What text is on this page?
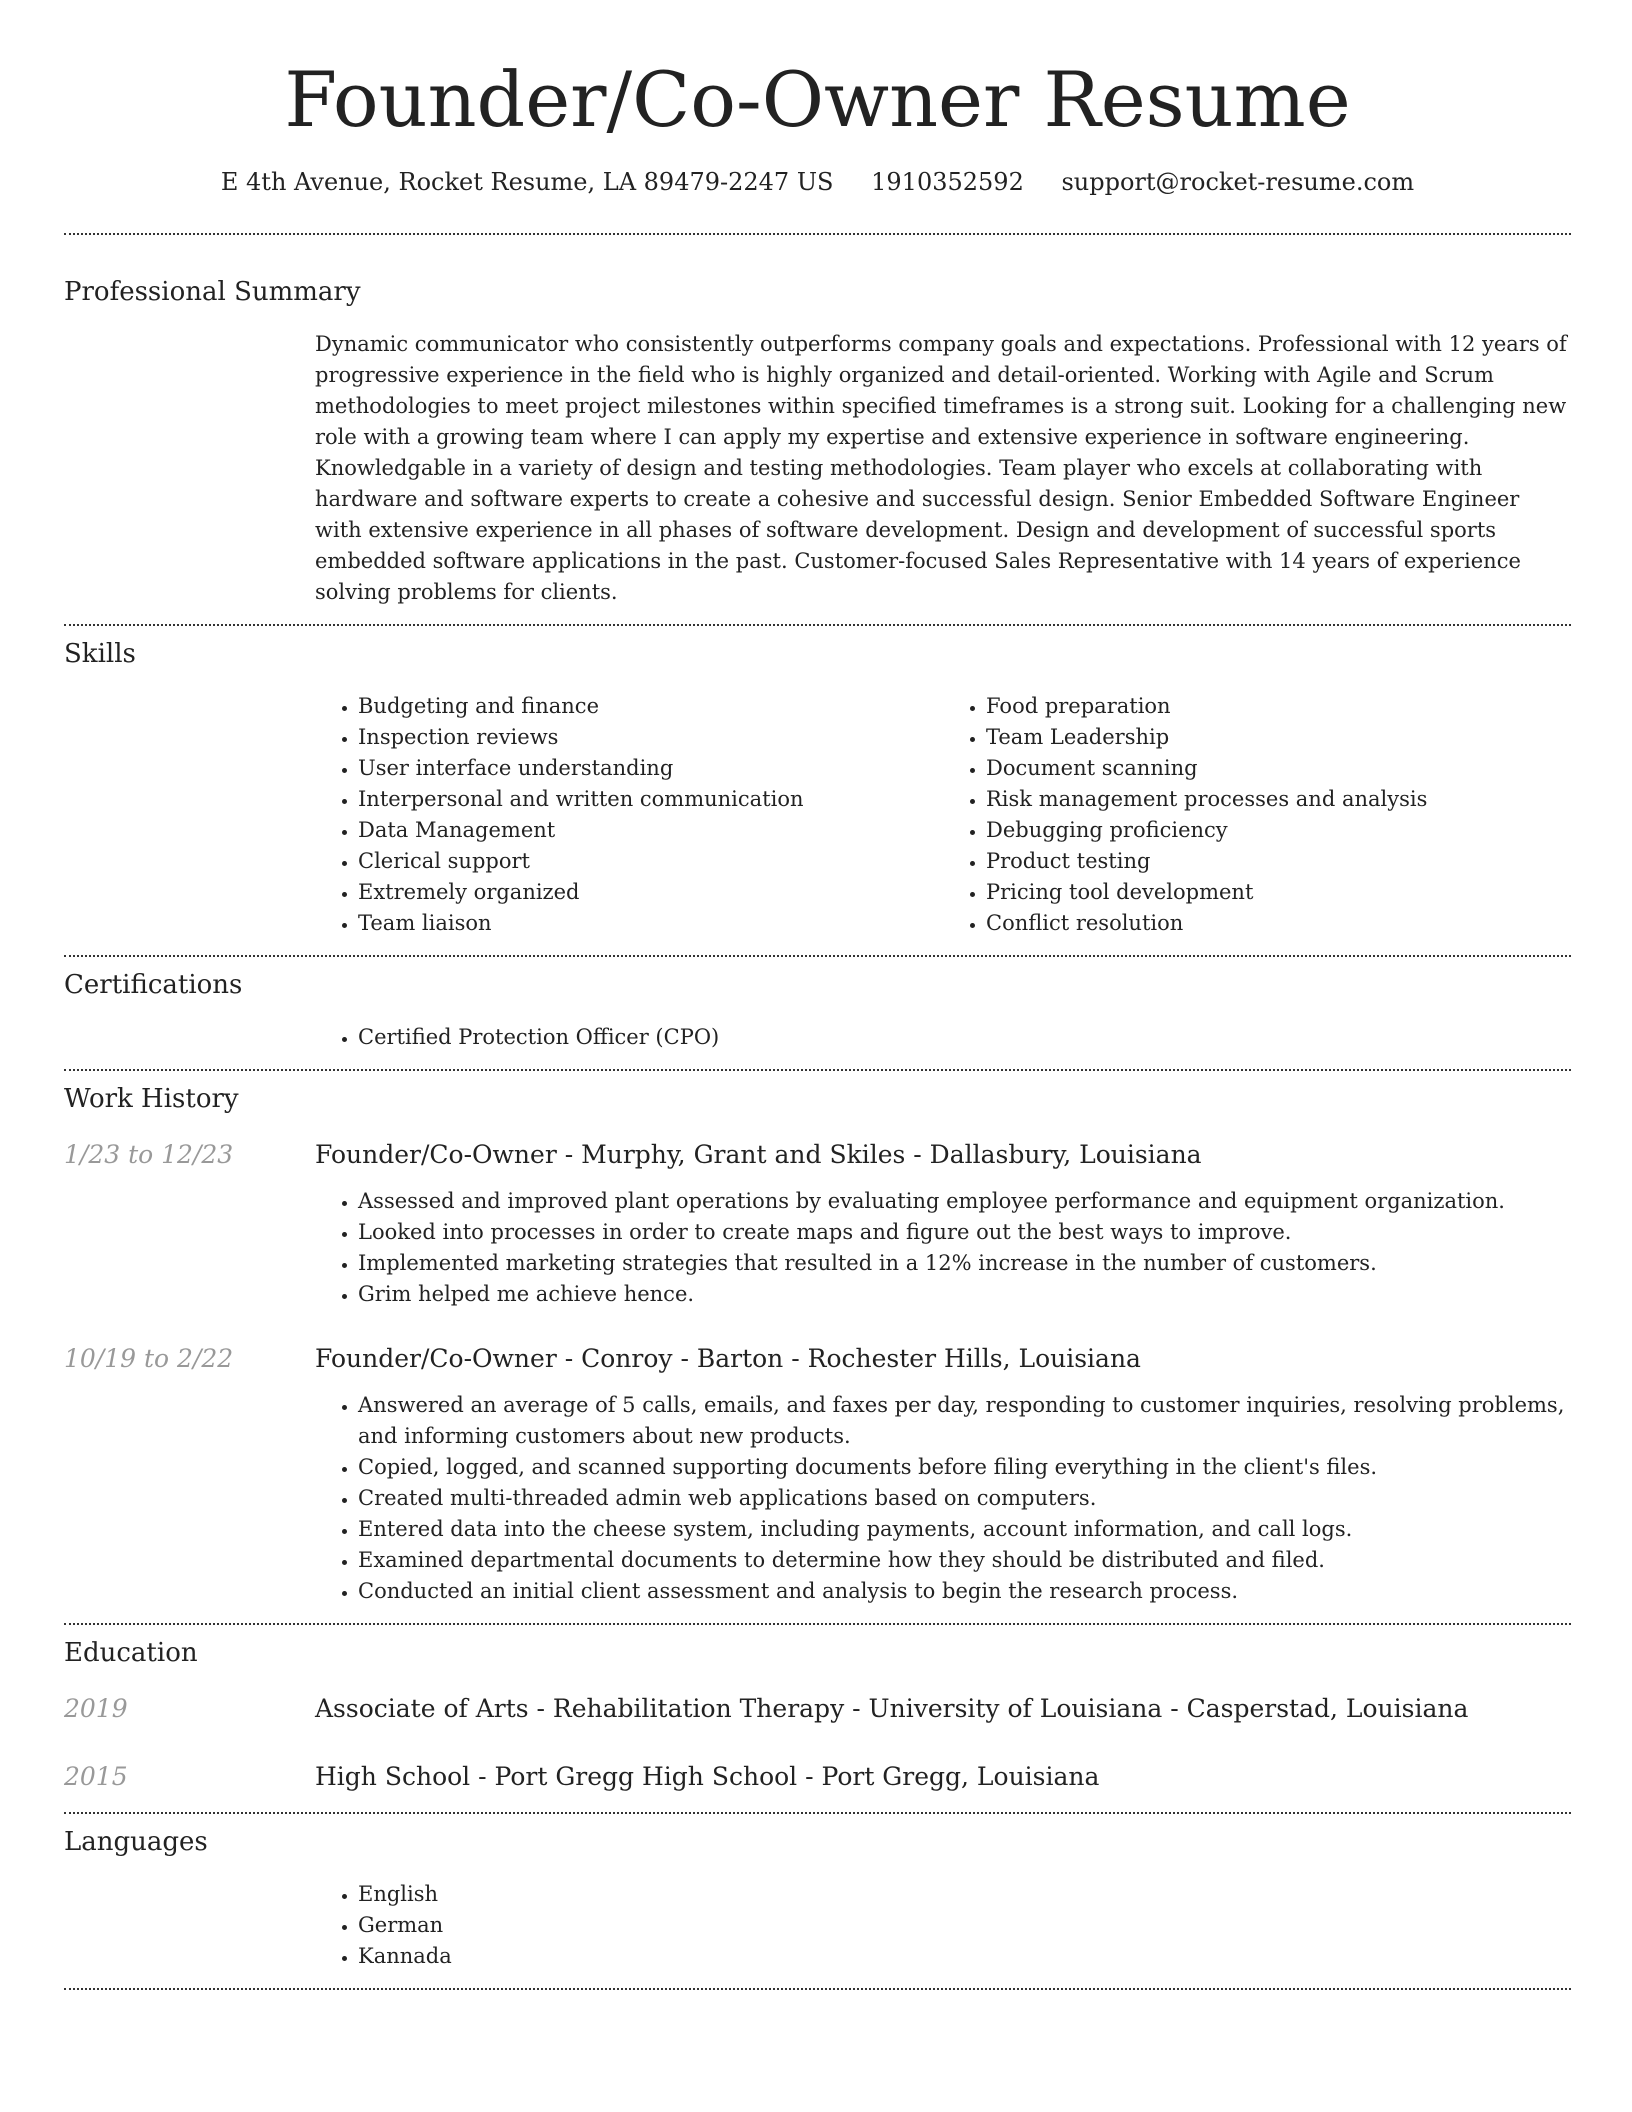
Founder/Co-Owner Resume
E 4th Avenue, Rocket Resume, LA 89479-2247 US 1910352592 support@rocket-resume.com
Professional Summary

Dynamic communicator who consistently outperforms company goals and expectations. Professional with 12 years of progressive experience in the field who is highly organized and detail-oriented. Working with Agile and Scrum methodologies to meet project milestones within specified timeframes is a strong suit. Looking for a challenging new role with a growing team where I can apply my expertise and extensive experience in software engineering. Knowledgable in a variety of design and testing methodologies. Team player who excels at collaborating with hardware and software experts to create a cohesive and successful design. Senior Embedded Software Engineer with extensive experience in all phases of software development. Design and development of successful sports embedded software applications in the past. Customer-focused Sales Representative with 14 years of experience solving problems for clients.

Skills
• Budgeting and finance
• Inspection reviews
• User interface understanding
• Interpersonal and written communication
• Data Management
• Clerical support
• Extremely organized
• Team liaison
• Food preparation
• Team Leadership
• Document scanning
• Risk management processes and analysis
• Debugging proficiency
• Product testing
• Pricing tool development
• Conflict resolution
Certifications
• Certified Protection Officer (CPO)
Work History
1/23 to 12/23	Founder/Co-Owner - Murphy, Grant and Skiles - Dallasbury, Louisiana
• Assessed and improved plant operations by evaluating employee performance and equipment organization.
• Looked into processes in order to create maps and figure out the best ways to improve.
• Implemented marketing strategies that resulted in a 12% increase in the number of customers.
• Grim helped me achieve hence.
10/19 to 2/22	Founder/Co-Owner - Conroy - Barton - Rochester Hills, Louisiana
• Answered an average of 5 calls, emails, and faxes per day, responding to customer inquiries, resolving problems, and informing customers about new products.
• Copied, logged, and scanned supporting documents before filing everything in the client's files.
• Created multi-threaded admin web applications based on computers.
• Entered data into the cheese system, including payments, account information, and call logs.
• Examined departmental documents to determine how they should be distributed and filed.
• Conducted an initial client assessment and analysis to begin the research process.
Education
2019	Associate of Arts - Rehabilitation Therapy - University of Louisiana - Casperstad, Louisiana
2015	High School - Port Gregg High School - Port Gregg, Louisiana
Languages
• English
• German
• Kannada
